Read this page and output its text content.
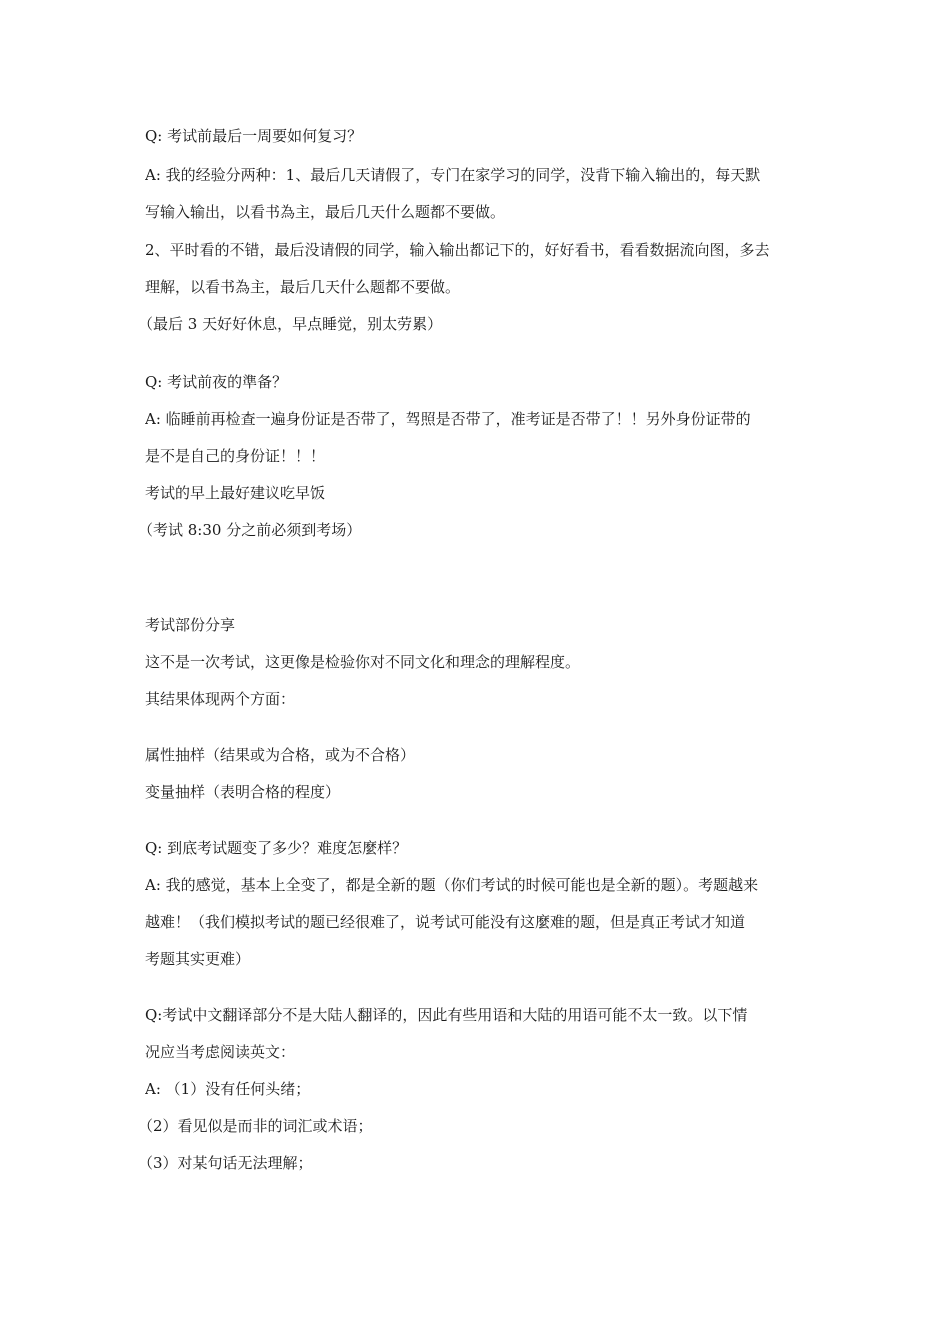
Q: 考试前最后一周要如何复习？
A: 我的经验分两种：1、最后几天请假了，专门在家学习的同学，没背下输入输出的，每天默
写输入输出，以看书為主，最后几天什么题都不要做。
2、平时看的不错，最后没请假的同学，输入输出都记下的，好好看书，看看数据流向图，多去
理解，以看书為主，最后几天什么题都不要做。
（最后 3 天好好休息，早点睡觉，别太劳累）
Q: 考试前夜的準备？
A: 临睡前再检查一遍身份证是否带了，驾照是否带了，准考证是否带了！！另外身份证带的
是不是自己的身份证！！！
考试的早上最好建议吃早饭
（考试 8:30 分之前必须到考场）
考试部份分享
这不是一次考试，这更像是检验你对不同文化和理念的理解程度。
其结果体现两个方面：
属性抽样（结果或为合格，或为不合格）
变量抽样（表明合格的程度）
Q: 到底考试题变了多少？难度怎麼样？
A: 我的感觉，基本上全变了，都是全新的题（你们考试的时候可能也是全新的题）。考题越来
越难！（我们模拟考试的题已经很难了，说考试可能没有这麼难的题，但是真正考试才知道
考题其实更难）
Q:考试中文翻译部分不是大陆人翻译的，因此有些用语和大陆的用语可能不太一致。以下情
况应当考虑阅读英文：
A: （1）没有任何头绪；
（2）看见似是而非的词汇或术语；
（3）对某句话无法理解；
